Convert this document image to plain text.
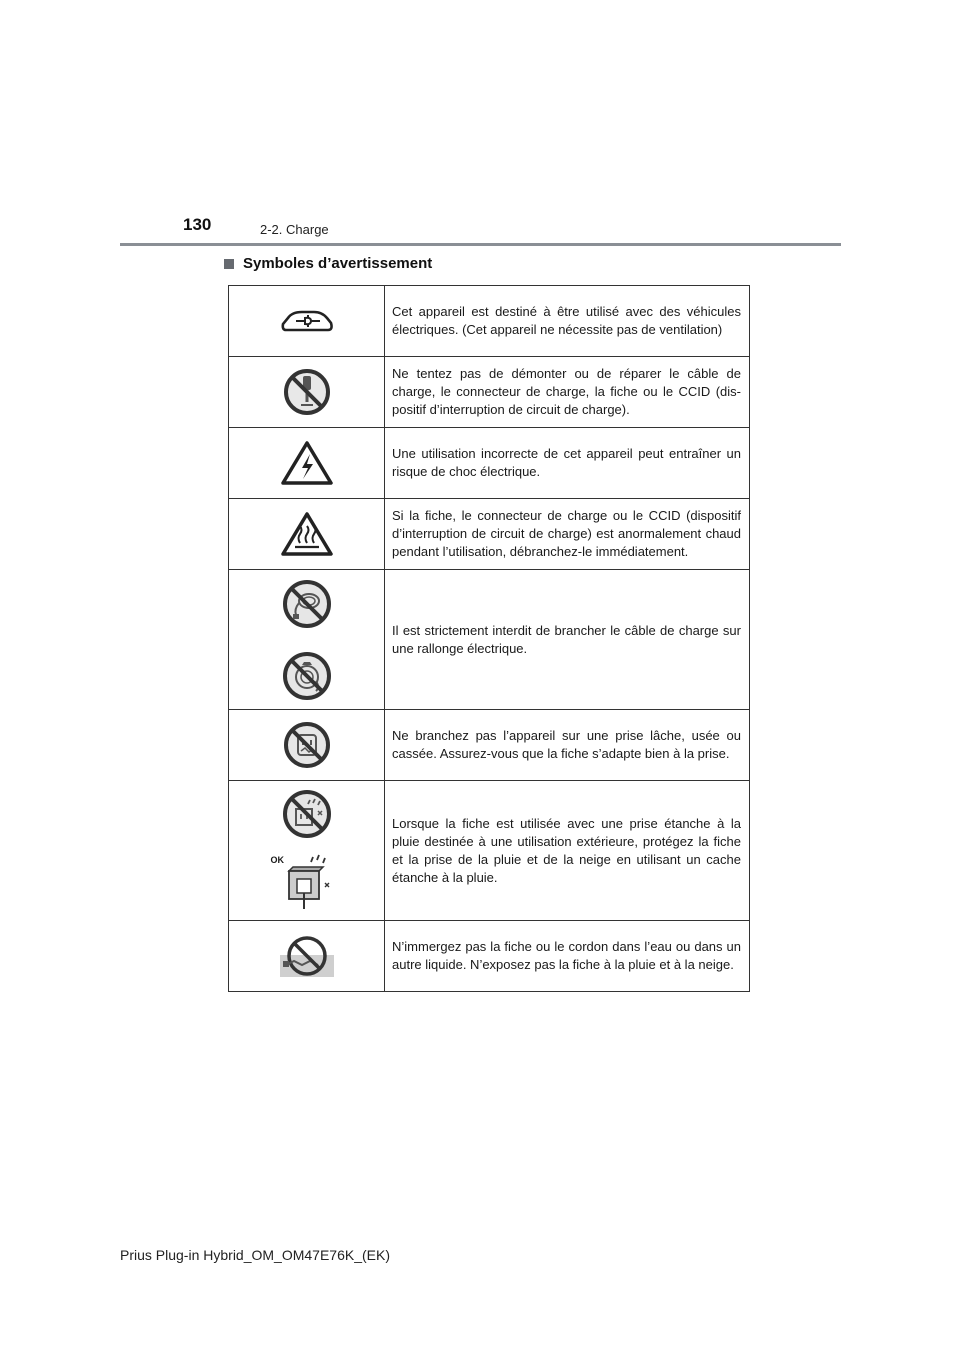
130	2-2. Charge
Symboles d’avertissement
	Cet appareil est destiné à être utilisé avec des véhicules électriques. (Cet appareil ne nécessite pas de ventilation)

	Ne tentez pas de démonter ou de réparer le câble de charge, le connecteur de charge, la fiche ou le CCID (dis-positif d’interruption de circuit de charge).

	Une utilisation incorrecte de cet appareil peut entraîner un risque de choc électrique.

	Si la fiche, le connecteur de charge ou le CCID (dispositif d’interruption de circuit de charge) est anormalement chaud pendant l’utilisation, débranchez-le immédiatement.

	Il est strictement interdit de brancher le câble de charge sur une rallonge électrique.

	Ne branchez pas l’appareil sur une prise lâche, usée ou cassée. Assurez-vous que la fiche s’adapte bien à la prise.

OK	Lorsque la fiche est utilisée avec une prise étanche à la pluie destinée à une utilisation extérieure, protégez la fiche et la prise de la pluie et de la neige en utilisant un cache étanche à la pluie.

	N’immergez pas la fiche ou le cordon dans l’eau ou dans un autre liquide. N’exposez pas la fiche à la pluie et à la neige.
Prius Plug-in Hybrid_OM_OM47E76K_(EK)
